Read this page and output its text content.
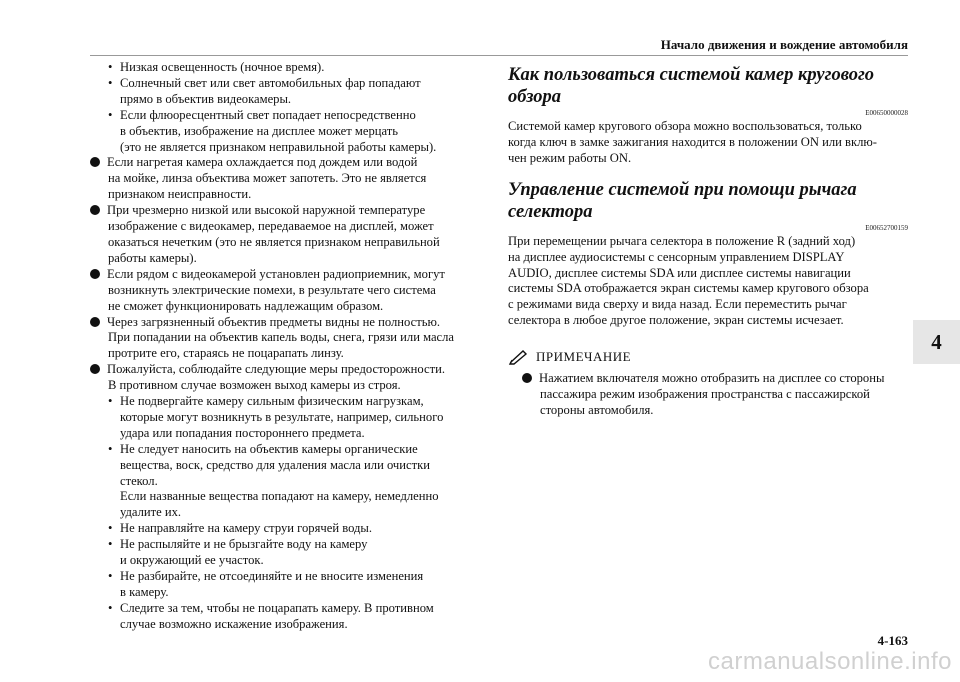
Начало движения и вождение автомобиля

• Низкая освещенность (ночное время).

• Солнечный свет или свет автомобильных фар попадают
прямо в объектив видеокамеры.

• Если флюоресцентный свет попадает непосредственно
в объектив, изображение на дисплее может мерцать
(это не является признаком неправильной работы камеры).

Если нагретая камера охлаждается под дождем или водой
на мойке, линза объектива может запотеть. Это не является
признаком неисправности.

При чрезмерно низкой или высокой наружной температуре
изображение с видеокамер, передаваемое на дисплей, может
оказаться нечетким (это не является признаком неправильной
работы камеры).

Если рядом с видеокамерой установлен радиоприемник, могут
возникнуть электрические помехи, в результате чего система
не сможет функционировать надлежащим образом.

Через загрязненный объектив предметы видны не полностью.
При попадании на объектив капель воды, снега, грязи или масла
протрите его, стараясь не поцарапать линзу.

Пожалуйста, соблюдайте следующие меры предосторожности.
В противном случае возможен выход камеры из строя.

• Не подвергайте камеру сильным физическим нагрузкам,
которые могут возникнуть в результате, например, сильного
удара или попадания постороннего предмета.

• Не следует наносить на объектив камеры органические
вещества, воск, средство для удаления масла или очистки
стекол.
Если названные вещества попадают на камеру, немедленно
удалите их.

• Не направляйте на камеру струи горячей воды.

• Не распыляйте и не брызгайте воду на камеру
и окружающий ее участок.

• Не разбирайте, не отсоединяйте и не вносите изменения
в камеру.

• Следите за тем, чтобы не поцарапать камеру. В противном
случае возможно искажение изображения.

Как пользоваться системой камер кругового обзора
E00650000028

Системой камер кругового обзора можно воспользоваться, только
когда ключ в замке зажигания находится в положении ON или вклю-
чен режим работы ON.

Управление системой при помощи рычага селектора
E00652700159

При перемещении рычага селектора в положение R (задний ход)
на дисплее аудиосистемы с сенсорным управлением DISPLAY
AUDIO, дисплее системы SDA или дисплее системы навигации
системы SDA отображается экран системы камер кругового обзора
с режимами вида сверху и вида назад. Если переместить рычаг
селектора в любое другое положение, экран системы исчезает.

ПРИМЕЧАНИЕ

Нажатием включателя можно отобразить на дисплее со стороны
пассажира режим изображения пространства с пассажирской
стороны автомобиля.

4
4-163
carmanualsonline.info
